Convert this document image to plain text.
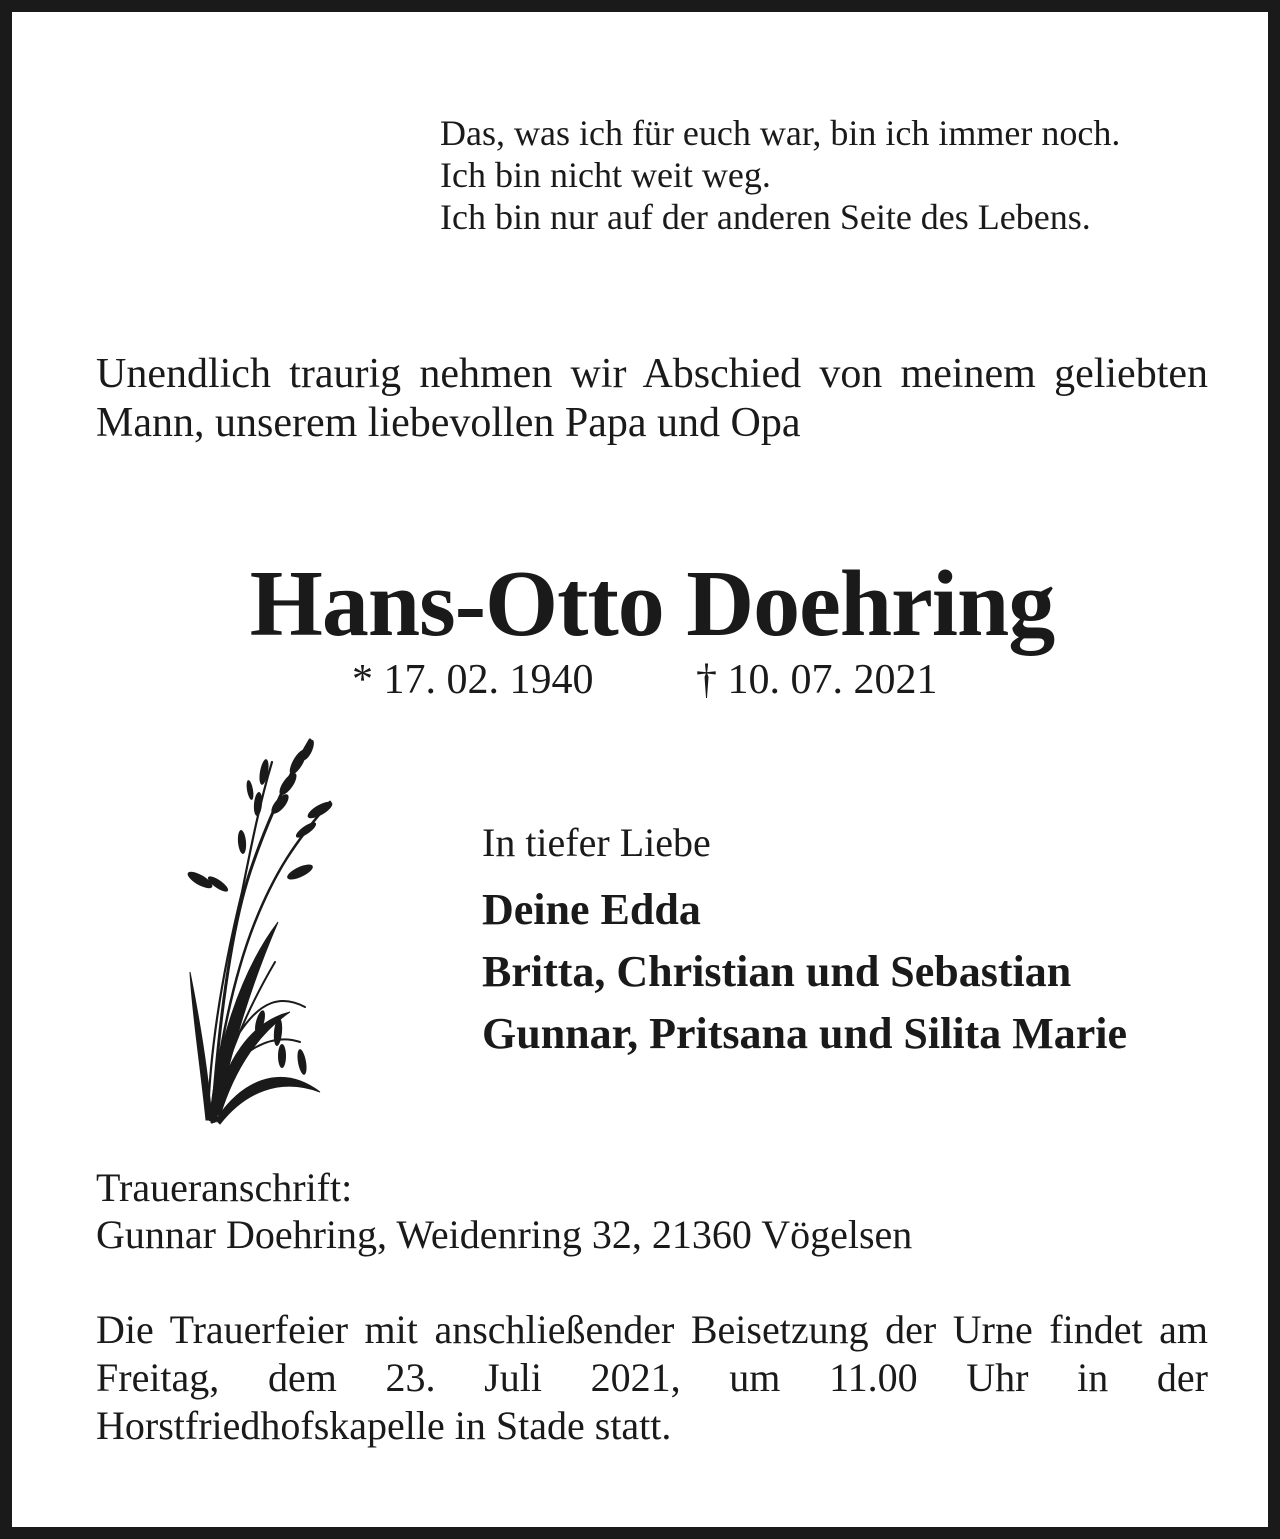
Das, was ich für euch war, bin ich immer noch.
Ich bin nicht weit weg.
Ich bin nur auf der anderen Seite des Lebens.

Unendlich traurig nehmen wir Abschied von meinem geliebten Mann, unserem liebevollen Papa und Opa

Hans-Otto Doehring
* 17. 02. 1940 † 10. 07. 2021
In tiefer Liebe
Deine Edda
Britta, Christian und Sebastian
Gunnar, Pritsana und Silita Marie
Traueranschrift:
Gunnar Doehring, Weidenring 32, 21360 Vögelsen

Die Trauerfeier mit anschließender Beisetzung der Urne findet am Freitag, dem 23. Juli 2021, um 11.00 Uhr in der Horstfriedhofskapelle in Stade statt.
